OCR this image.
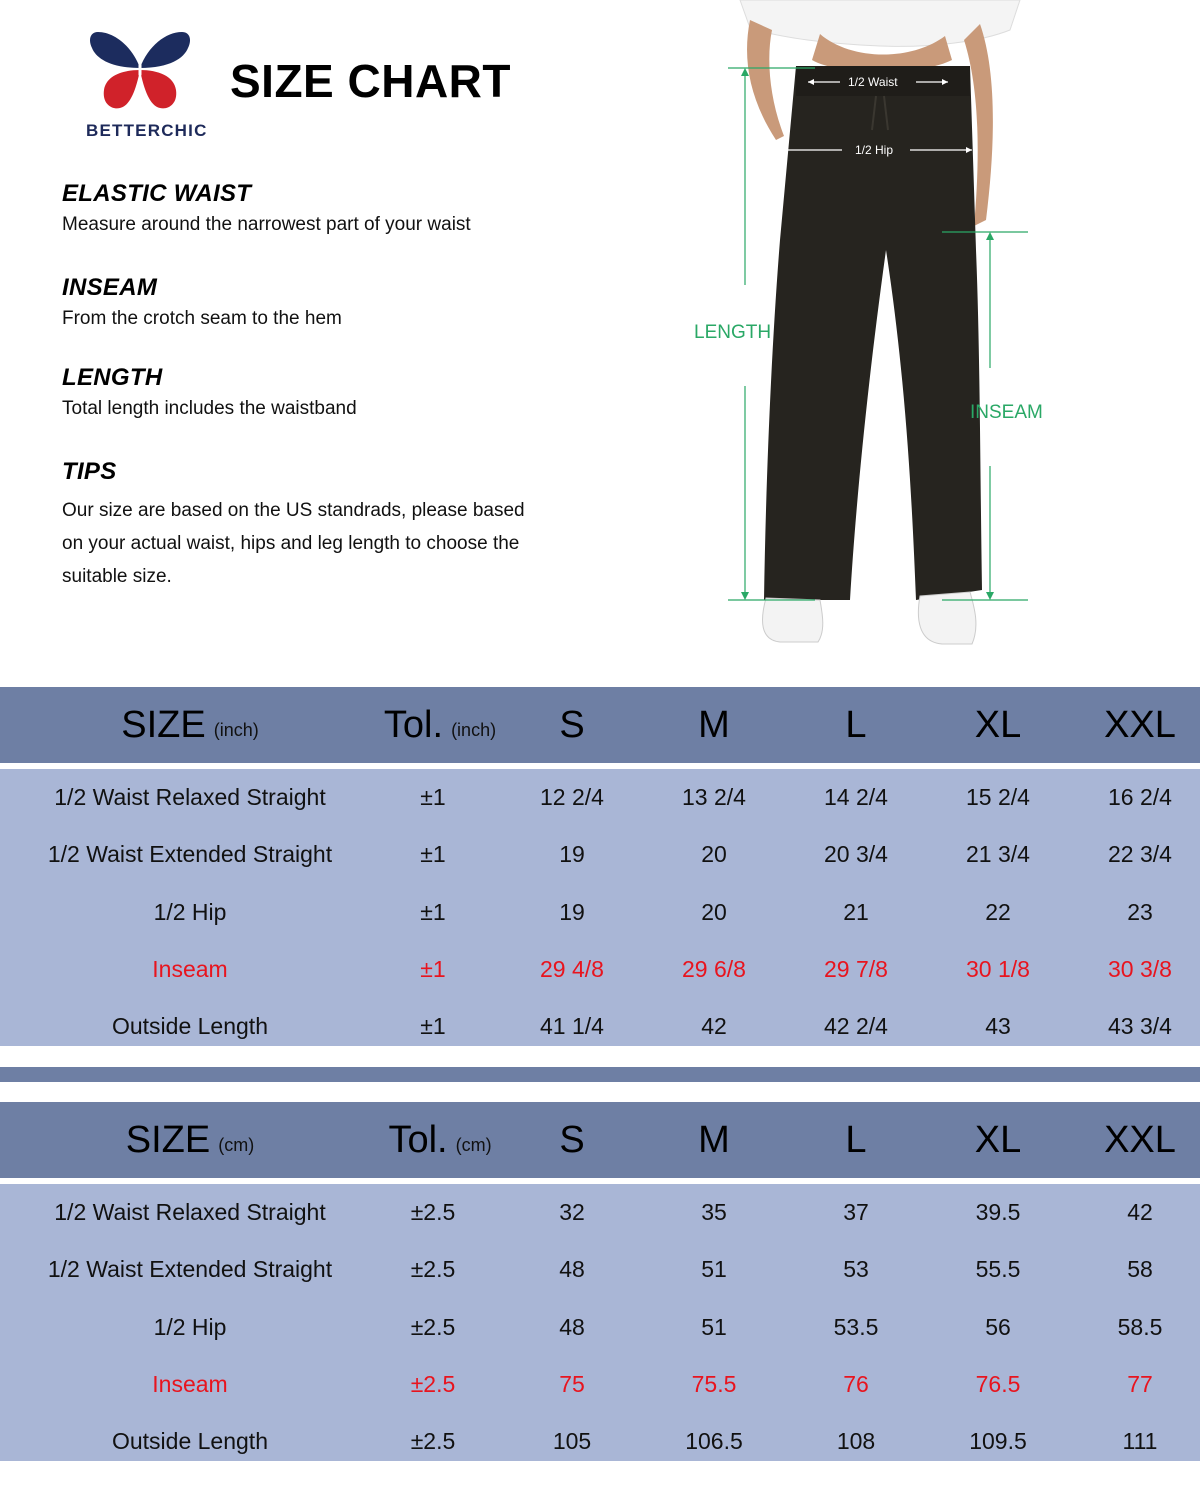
BETTERCHIC
SIZE CHART
ELASTIC WAIST

Measure around the narrowest part of your waist

INSEAM

From the crotch seam to the hem

LENGTH

Total length includes the waistband

TIPS

Our size are based on the US standrads, please based
on your actual waist, hips and leg length to choose the
suitable size.

1/2 Waist
1/2 Hip
LENGTH
INSEAM
SIZE (inch)	Tol. (inch)	S	M	L	XL	XXL
1/2 Waist Relaxed Straight	±1	12 2/4	13 2/4	14 2/4	15 2/4	16 2/4
1/2 Waist Extended Straight	±1	19	20	20 3/4	21 3/4	22 3/4
1/2 Hip	±1	19	20	21	22	23
Inseam	±1	29 4/8	29 6/8	29 7/8	30 1/8	30 3/8
Outside Length	±1	41 1/4	42	42 2/4	43	43 3/4
SIZE (cm)	Tol. (cm)	S	M	L	XL	XXL
1/2 Waist Relaxed Straight	±2.5	32	35	37	39.5	42
1/2 Waist Extended Straight	±2.5	48	51	53	55.5	58
1/2 Hip	±2.5	48	51	53.5	56	58.5
Inseam	±2.5	75	75.5	76	76.5	77
Outside Length	±2.5	105	106.5	108	109.5	111
